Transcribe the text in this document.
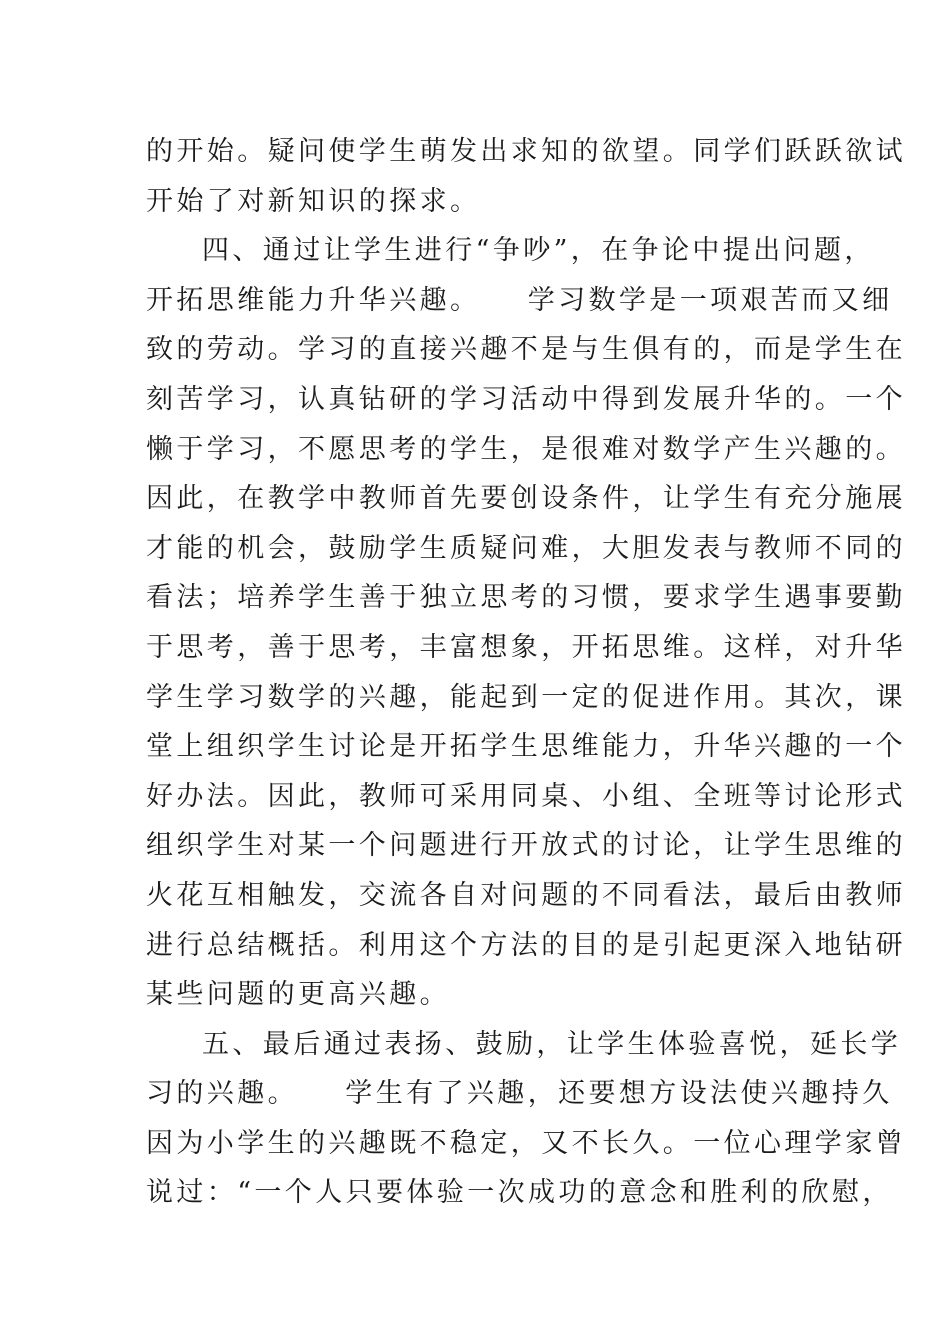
的开始。疑问使学生萌发出求知的欲望。同学们跃跃欲试
开始了对新知识的探求。
四、通过让学生进行“争吵”，在争论中提出问题，
开拓思维能力升华兴趣。　　学习数学是一项艰苦而又细
致的劳动。学习的直接兴趣不是与生俱有的，而是学生在
刻苦学习，认真钻研的学习活动中得到发展升华的。一个
懒于学习，不愿思考的学生，是很难对数学产生兴趣的。
因此，在教学中教师首先要创设条件，让学生有充分施展
才能的机会，鼓励学生质疑问难，大胆发表与教师不同的
看法；培养学生善于独立思考的习惯，要求学生遇事要勤
于思考，善于思考，丰富想象，开拓思维。这样，对升华
学生学习数学的兴趣，能起到一定的促进作用。其次，课
堂上组织学生讨论是开拓学生思维能力，升华兴趣的一个
好办法。因此，教师可采用同桌、小组、全班等讨论形式
组织学生对某一个问题进行开放式的讨论，让学生思维的
火花互相触发，交流各自对问题的不同看法，最后由教师
进行总结概括。利用这个方法的目的是引起更深入地钻研
某些问题的更高兴趣。
五、最后通过表扬、鼓励，让学生体验喜悦，延长学
习的兴趣。　　学生有了兴趣，还要想方设法使兴趣持久
因为小学生的兴趣既不稳定，又不长久。一位心理学家曾
说过：“一个人只要体验一次成功的意念和胜利的欣慰，
